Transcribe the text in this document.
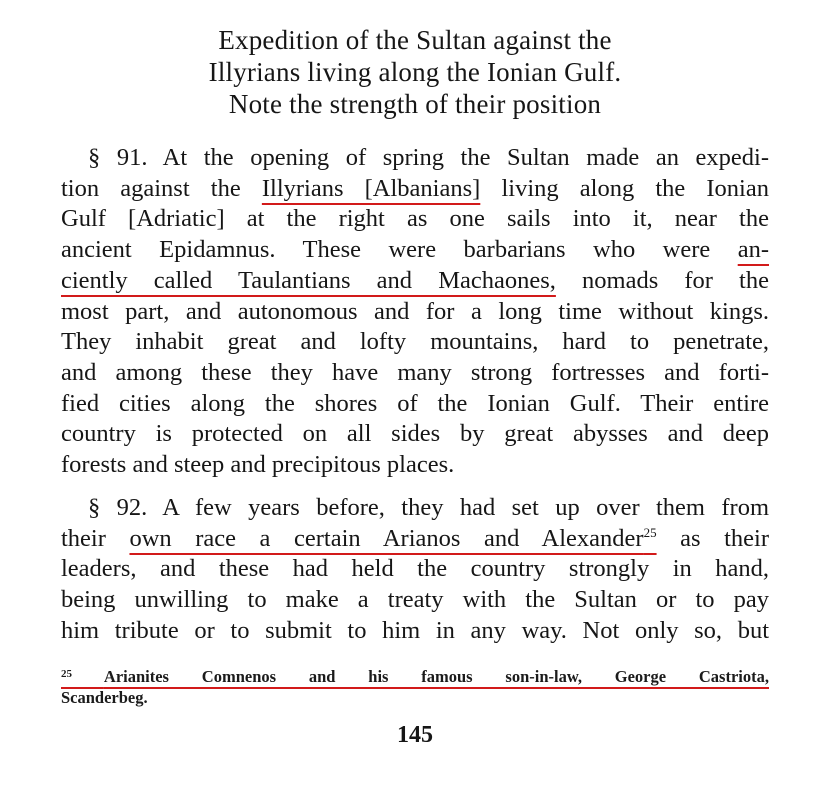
Expedition of the Sultan against the
Illyrians living along the Ionian Gulf.
Note the strength of their position
§ 91. At the opening of spring the Sultan made an expedi-
tion against the Illyrians [Albanians] living along the Ionian
Gulf [Adriatic] at the right as one sails into it, near the
ancient Epidamnus. These were barbarians who were an-
ciently called Taulantians and Machaones, nomads for the
most part, and autonomous and for a long time without kings.
They inhabit great and lofty mountains, hard to penetrate,
and among these they have many strong fortresses and forti-
fied cities along the shores of the Ionian Gulf. Their entire
country is protected on all sides by great abysses and deep
forests and steep and precipitous places.
§ 92. A few years before, they had set up over them from
their own race a certain Arianos and Alexander$^{25}$ as their
leaders, and these had held the country strongly in hand,
being unwilling to make a treaty with the Sultan or to pay
him tribute or to submit to him in any way. Not only so, but
$^{25}$ Arianites Comnenos and his famous son-in-law, George Castriota,
Scanderbeg.
145
